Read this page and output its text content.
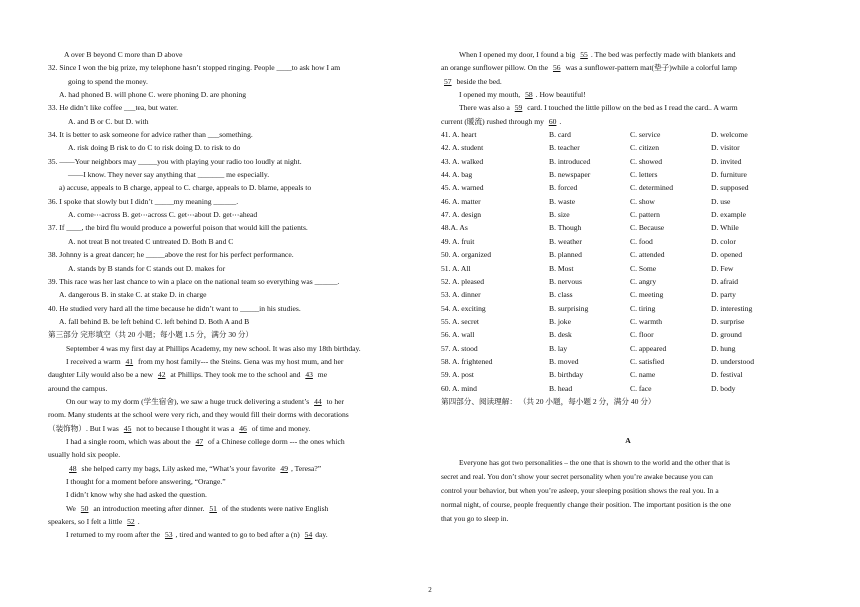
A over B beyond C more than D above
32. Since I won the big prize, my telephone hasn’t stopped ringing. People ____to ask how I am
going to spend the money.
A. had phoned B. will phone C. were phoning D. are phoning
33. He didn’t like coffee ___tea, but water.
A. and B or C. but D. with
34. It is better to ask someone for advice rather than ___something.
A. risk doing B risk to do C to risk doing D. to risk to do
35. ——Your neighbors may _____you with playing your radio too loudly at night.
——I know. They never say anything that _______ me especially.
a) accuse, appeals to B charge, appeal to C. charge, appeals to D. blame, appeals to
36. I spoke that slowly but I didn’t _____my meaning ______.
A. come⋯across B. get⋯across C. get⋯about D. get⋯ahead
37. If ____, the bird flu would produce a powerful poison that would kill the patients.
A. not treat B not treated C untreated D. Both B and C
38. Johnny is a great dancer; he _____above the rest for his perfect performance.
A. stands by B stands for C stands out D. makes for
39. This race was her last chance to win a place on the national team so everything was ______.
A. dangerous B. in stake C. at stake D. in charge
40. He studied very hard all the time because he didn’t want to _____in his studies.
A. fall behind B. be left behind C. left behind D. Both A and B
第三部分 完形填空（共 20 小题；每小题 1.5 分，满分 30 分）
September 4 was my first day at Phillips Academy, my new school. It was also my 18th birthday.
I received a warm 41 from my host family--- the Steins. Gena was my host mum, and her
daughter Lily would also be a new 42 at Phillips. They took me to the school and 43 me
around the campus.
On our way to my dorm (学生宿舍), we saw a huge truck delivering a student’s 44 to her
room. Many students at the school were very rich, and they would fill their dorms with decorations
（装饰物）. But I was 45 not to because I thought it was a 46 of time and money.
I had a single room, which was about the 47 of a Chinese college dorm --- the ones which
usually hold six people.
48 she helped carry my bags, Lily asked me, “What’s your favorite 49 , Teresa?”
I thought for a moment before answering, “Orange.”
I didn’t know why she had asked the question.
We 50 an introduction meeting after dinner. 51 of the students were native English
speakers, so I felt a little 52 .
I returned to my room after the 53 , tired and wanted to go to bed after a (n) 54 day.
When I opened my door, I found a big 55 . The bed was perfectly made with blankets and
an orange sunflower pillow. On the 56 was a sunflower-pattern mat(垫子)while a colorful lamp
57 beside the bed.
I opened my mouth, 58 . How beautiful!
There was also a 59 card. I touched the little pillow on the bed as I read the card.. A warm
current (暖流) rushed through my 60 .
41. A. heart	B. card	C. service	D. welcome
42. A. student	B. teacher	C. citizen	D. visitor
43. A. walked	B. introduced	C. showed	D. invited
44. A. bag	B. newspaper	C. letters	D. furniture
45. A. warned	B. forced	C. determined	D. supposed
46. A. matter	B. waste	C. show	D. use
47. A. design	B. size	C. pattern	D. example
48.A. As	B. Though	C. Because	D. While
49. A. fruit	B. weather	C. food	D. color
50. A. organized	B. planned	C. attended	D. opened
51. A. All	B. Most	C. Some	D. Few
52. A. pleased	B. nervous	C. angry	D. afraid
53. A. dinner	B. class	C. meeting	D. party
54. A. exciting	B. surprising	C. tiring	D. interesting
55. A. secret	B. joke	C. warmth	D. surprise
56. A. wall	B. desk	C. floor	D. ground
57. A. stood	B. lay	C. appeared	D. hung
58. A. frightened	B. moved	C. satisfied	D. understood
59. A. post	B. birthday	C. name	D. festival
60. A. mind	B. head	C. face	D. body
第四部分、阅读理解： （共 20 小题，每小题 2 分，满分 40 分）
A
Everyone has got two personalities – the one that is shown to the world and the other that is
secret and real. You don’t show your secret personality when you’re awake because you can
control your behavior, but when you’re asleep, your sleeping position shows the real you. In a
normal night, of course, people frequently change their position. The important position is the one
that you go to sleep in.
2
